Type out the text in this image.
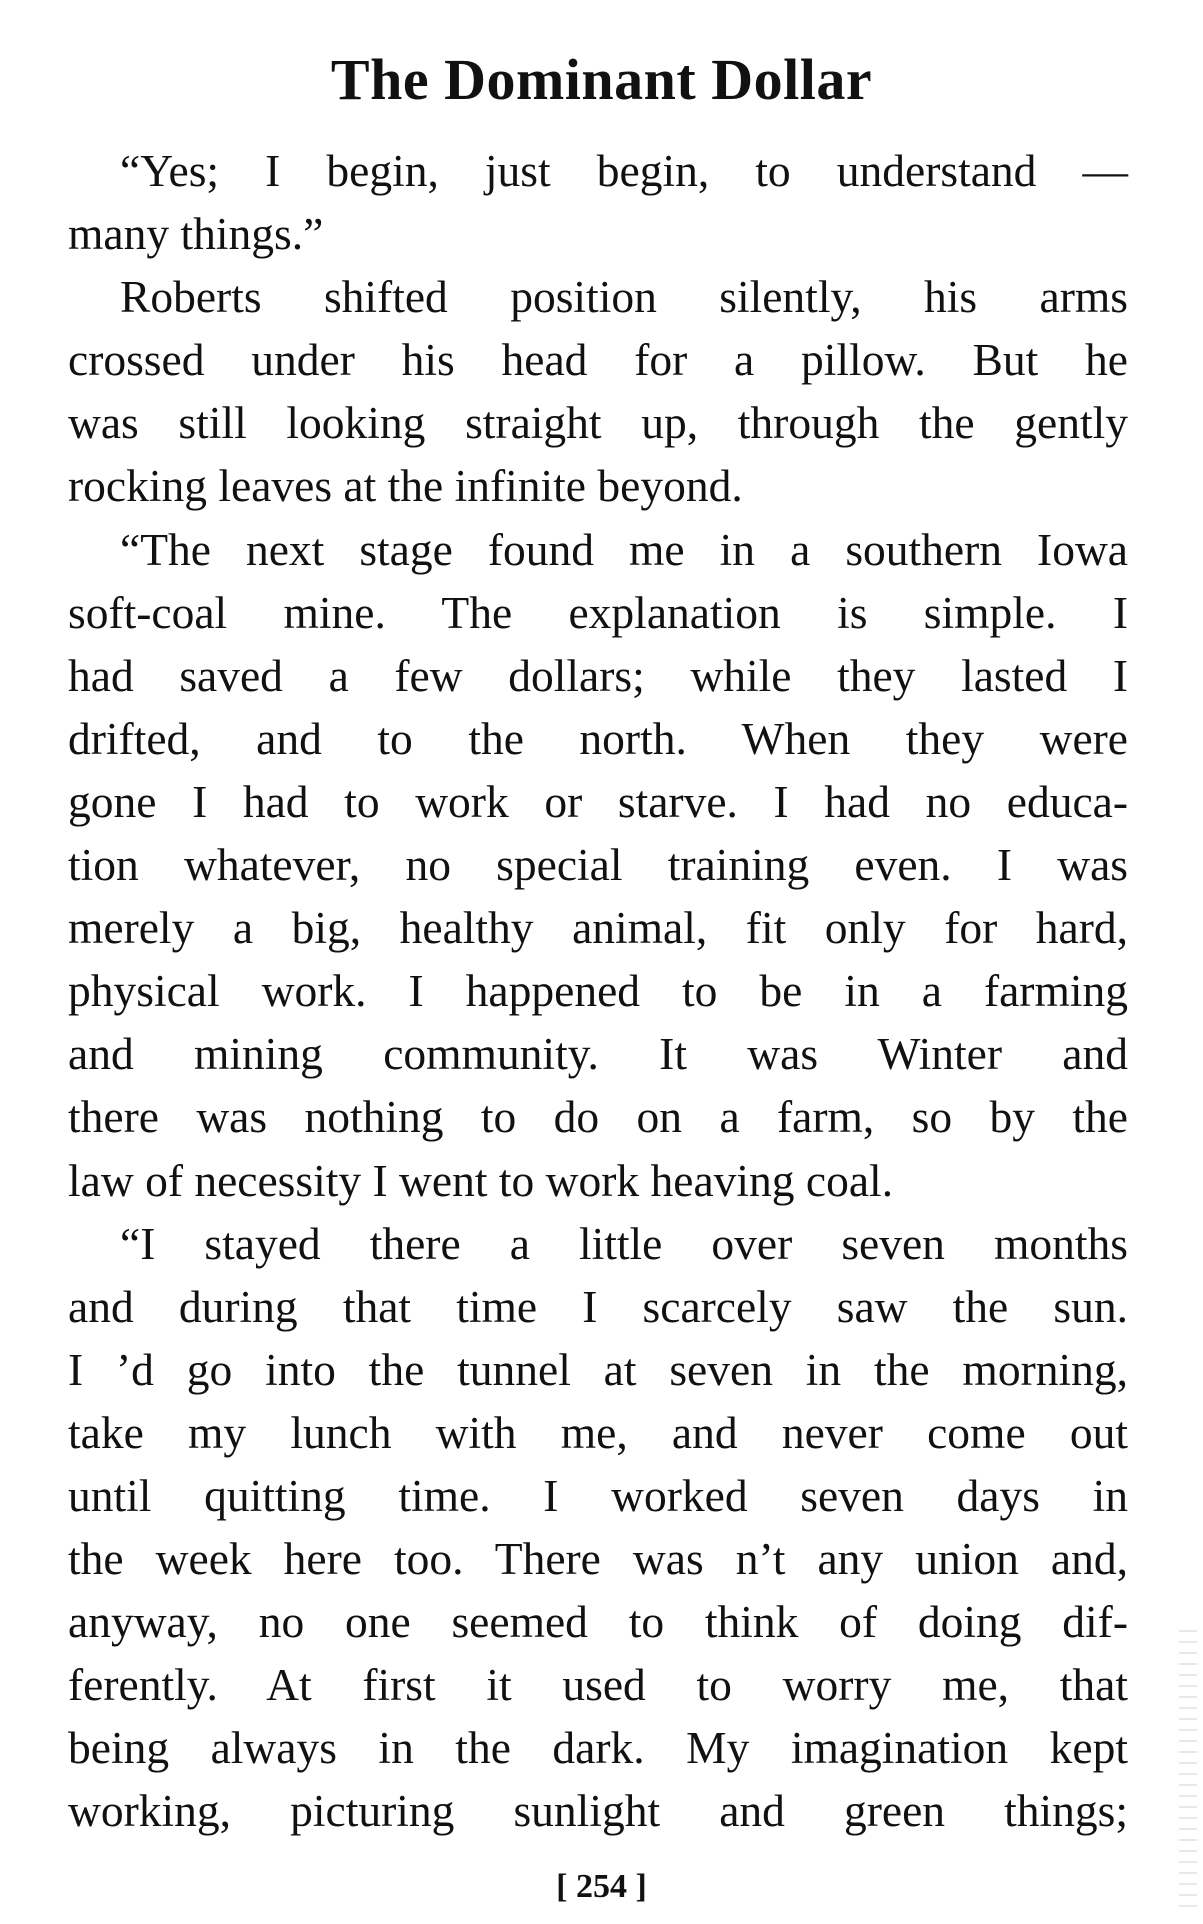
The Dominant Dollar
“Yes; I begin, just begin, to understand —
many things.”
Roberts shifted position silently, his arms
crossed under his head for a pillow. But he
was still looking straight up, through the gently
rocking leaves at the infinite beyond.
“The next stage found me in a southern Iowa
soft-coal mine. The explanation is simple. I
had saved a few dollars; while they lasted I
drifted, and to the north. When they were
gone I had to work or starve. I had no educa-
tion whatever, no special training even. I was
merely a big, healthy animal, fit only for hard,
physical work. I happened to be in a farming
and mining community. It was Winter and
there was nothing to do on a farm, so by the
law of necessity I went to work heaving coal.
“I stayed there a little over seven months
and during that time I scarcely saw the sun.
I ’d go into the tunnel at seven in the morning,
take my lunch with me, and never come out
until quitting time. I worked seven days in
the week here too. There was n’t any union and,
anyway, no one seemed to think of doing dif-
ferently. At first it used to worry me, that
being always in the dark. My imagination kept
working, picturing sunlight and green things;
[ 254 ]
